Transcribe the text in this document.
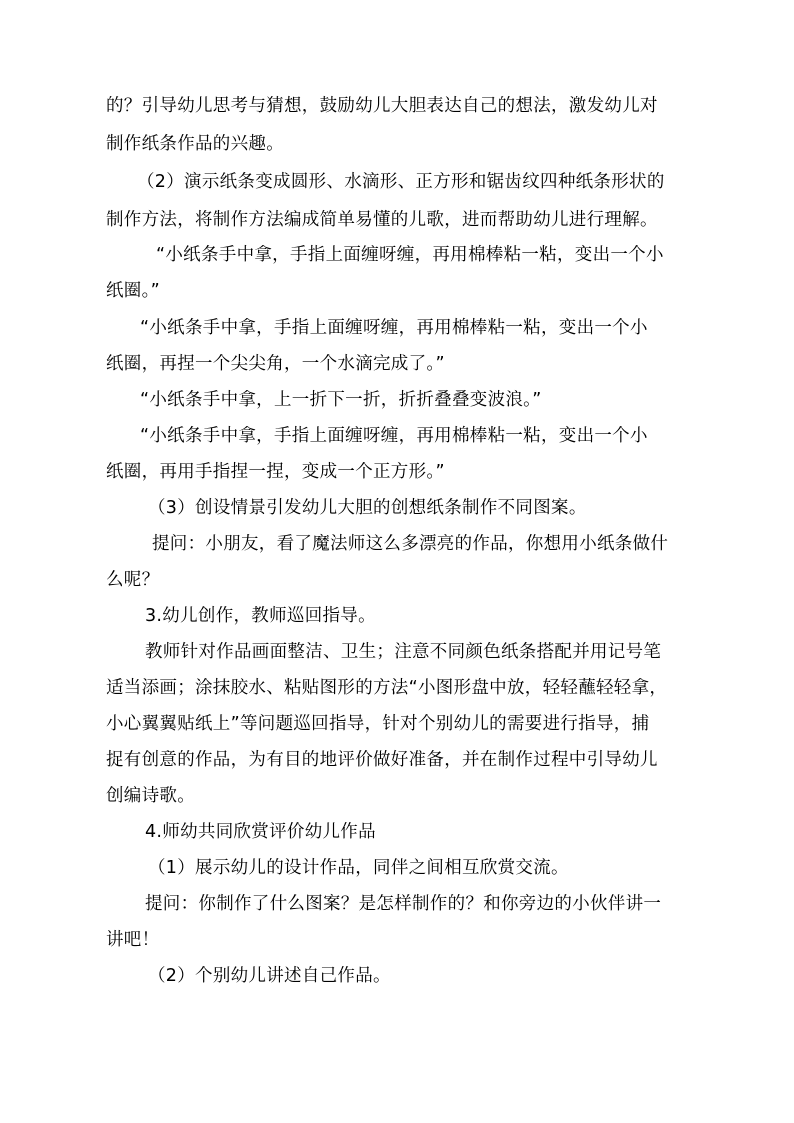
的？引导幼儿思考与猜想，鼓励幼儿大胆表达自己的想法，激发幼儿对
制作纸条作品的兴趣。
（2）演示纸条变成圆形、水滴形、正方形和锯齿纹四种纸条形状的
制作方法，将制作方法编成简单易懂的儿歌，进而帮助幼儿进行理解。
“小纸条手中拿，手指上面缠呀缠，再用棉棒粘一粘，变出一个小
纸圈。”
“小纸条手中拿，手指上面缠呀缠，再用棉棒粘一粘，变出一个小
纸圈，再捏一个尖尖角，一个水滴完成了。”
“小纸条手中拿，上一折下一折，折折叠叠变波浪。”
“小纸条手中拿，手指上面缠呀缠，再用棉棒粘一粘，变出一个小
纸圈，再用手指捏一捏，变成一个正方形。”
（3）创设情景引发幼儿大胆的创想纸条制作不同图案。
提问：小朋友，看了魔法师这么多漂亮的作品，你想用小纸条做什
么呢？
3.幼儿创作，教师巡回指导。
教师针对作品画面整洁、卫生；注意不同颜色纸条搭配并用记号笔
适当添画；涂抹胶水、粘贴图形的方法“小图形盘中放，轻轻蘸轻轻拿，
小心翼翼贴纸上”等问题巡回指导，针对个别幼儿的需要进行指导，捕
捉有创意的作品，为有目的地评价做好准备，并在制作过程中引导幼儿
创编诗歌。
4.师幼共同欣赏评价幼儿作品
（1）展示幼儿的设计作品，同伴之间相互欣赏交流。
提问：你制作了什么图案？是怎样制作的？和你旁边的小伙伴讲一
讲吧！
（2）个别幼儿讲述自己作品。
